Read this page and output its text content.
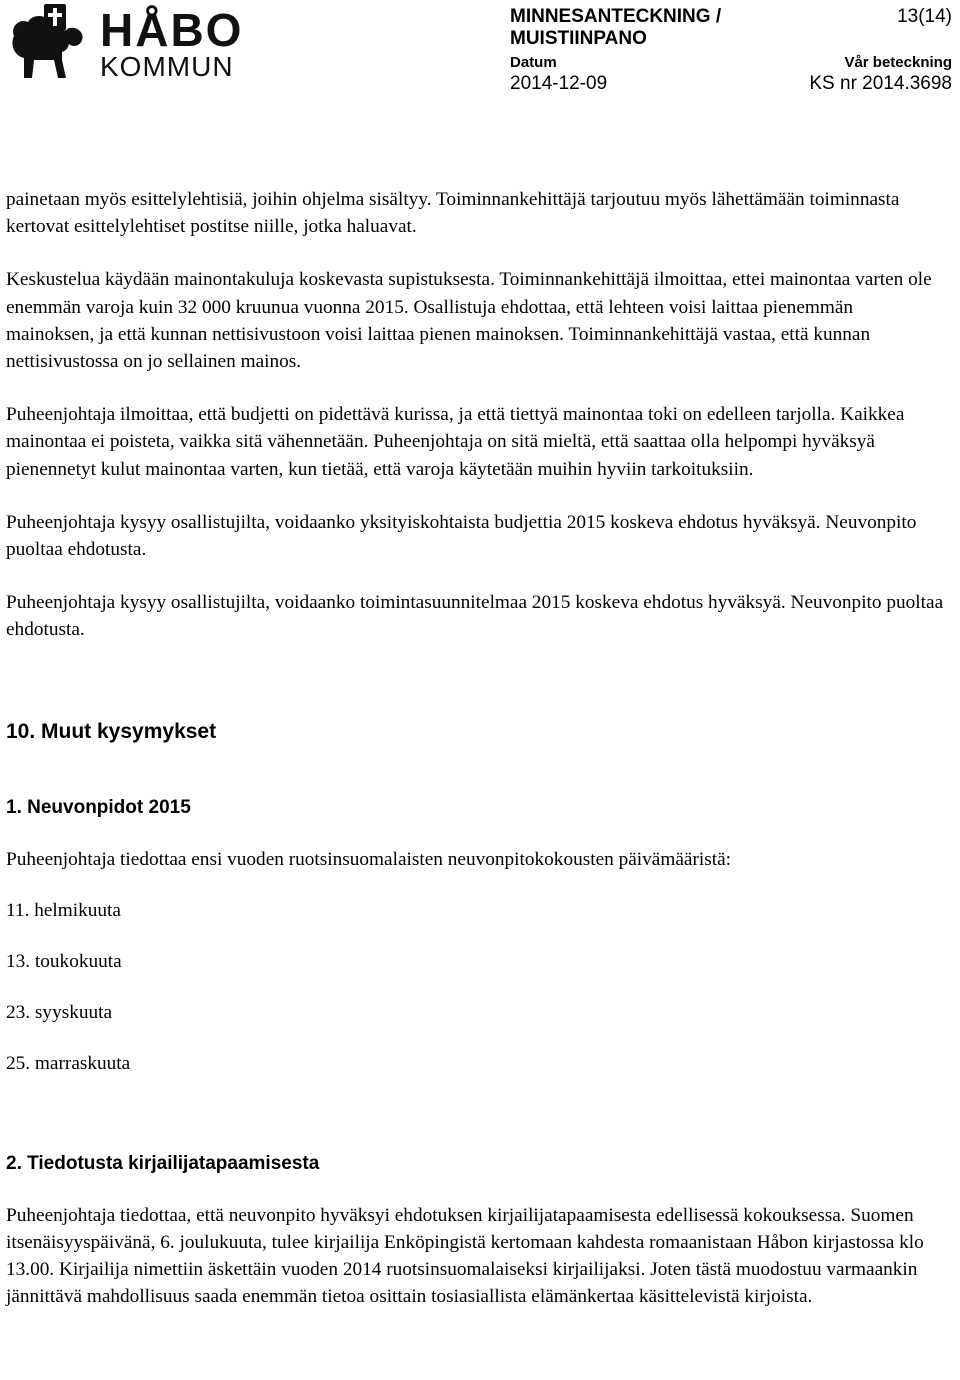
HÅBO
KOMMUN
MINNESANTECKNING / MUISTIINPANO
13(14)
Datum
2014-12-09
Vår beteckning
KS nr 2014.3698

painetaan myös esittelylehtisiä, joihin ohjelma sisältyy. Toiminnankehittäjä tarjoutuu myös lähettämään toiminnasta kertovat esittelylehtiset postitse niille, jotka haluavat.

Keskustelua käydään mainontakuluja koskevasta supistuksesta. Toiminnankehittäjä ilmoittaa, ettei mainontaa varten ole enemmän varoja kuin 32 000 kruunua vuonna 2015. Osallistuja ehdottaa, että lehteen voisi laittaa pienemmän mainoksen, ja että kunnan nettisivustoon voisi laittaa pienen mainoksen. Toiminnankehittäjä vastaa, että kunnan nettisivustossa on jo sellainen mainos.

Puheenjohtaja ilmoittaa, että budjetti on pidettävä kurissa, ja että tiettyä mainontaa toki on edelleen tarjolla. Kaikkea mainontaa ei poisteta, vaikka sitä vähennetään. Puheenjohtaja on sitä mieltä, että saattaa olla helpompi hyväksyä pienennetyt kulut mainontaa varten, kun tietää, että varoja käytetään muihin hyviin tarkoituksiin.

Puheenjohtaja kysyy osallistujilta, voidaanko yksityiskohtaista budjettia 2015 koskeva ehdotus hyväksyä. Neuvonpito puoltaa ehdotusta.

Puheenjohtaja kysyy osallistujilta, voidaanko toimintasuunnitelmaa 2015 koskeva ehdotus hyväksyä. Neuvonpito puoltaa ehdotusta.

10. Muut kysymykset
1. Neuvonpidot 2015

Puheenjohtaja tiedottaa ensi vuoden ruotsinsuomalaisten neuvonpitokokousten päivämääristä:

11. helmikuuta
13. toukokuuta
23. syyskuuta
25. marraskuuta
2. Tiedotusta kirjailijatapaamisesta

Puheenjohtaja tiedottaa, että neuvonpito hyväksyi ehdotuksen kirjailijatapaamisesta edellisessä kokouksessa. Suomen itsenäisyyspäivänä, 6. joulukuuta, tulee kirjailija Enköpingistä kertomaan kahdesta romaanistaan Håbon kirjastossa klo 13.00. Kirjailija nimettiin äskettäin vuoden 2014 ruotsinsuomalaiseksi kirjailijaksi. Joten tästä muodostuu varmaankin jännittävä mahdollisuus saada enemmän tietoa osittain tosiasiallista elämänkertaa käsittelevistä kirjoista.
